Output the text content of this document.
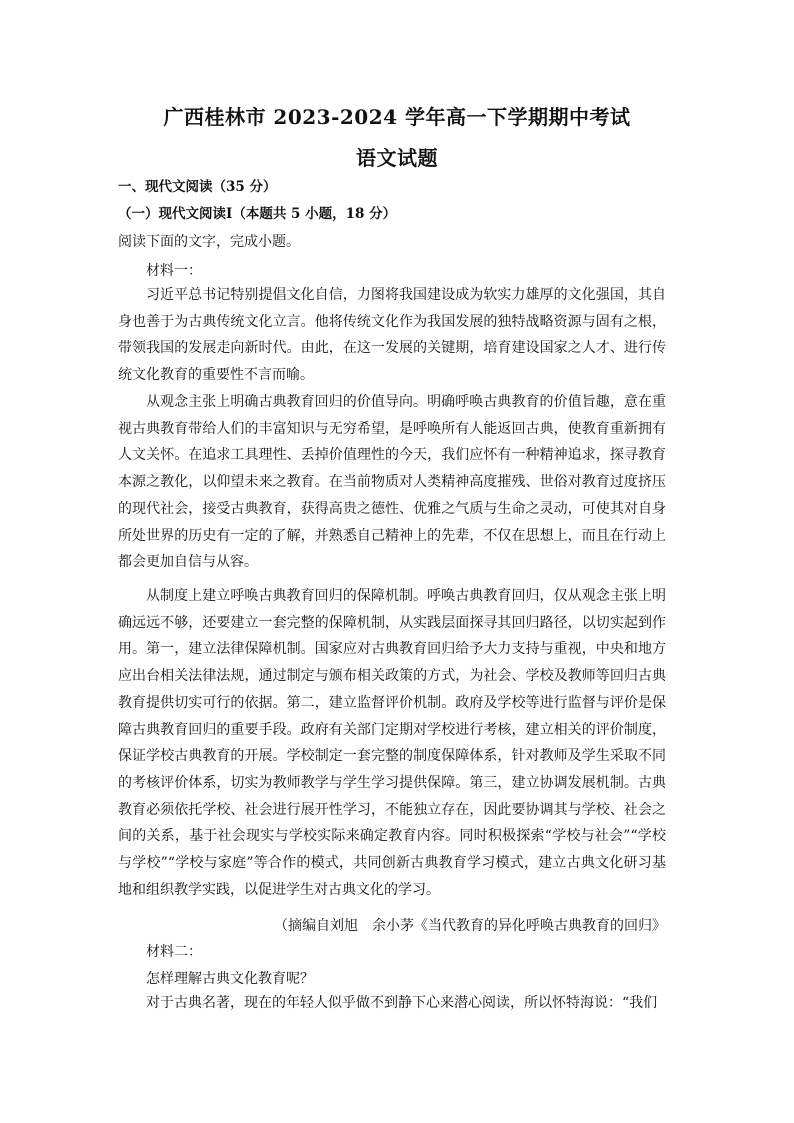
广西桂林市 2023-2024 学年高一下学期期中考试
语文试题
一、现代文阅读（35 分）
（一）现代文阅读Ⅰ（本题共 5 小题，18 分）
阅读下面的文字，完成小题。
材料一：

习近平总书记特别提倡文化自信，力图将我国建设成为软实力雄厚的文化强国，其自身也善于为古典传统文化立言。他将传统文化作为我国发展的独特战略资源与固有之根，带领我国的发展走向新时代。由此，在这一发展的关键期，培育建设国家之人才、进行传统文化教育的重要性不言而喻。

从观念主张上明确古典教育回归的价值导向。明确呼唤古典教育的价值旨趣，意在重视古典教育带给人们的丰富知识与无穷希望，是呼唤所有人能返回古典，使教育重新拥有人文关怀。在追求工具理性、丢掉价值理性的今天，我们应怀有一种精神追求，探寻教育本源之教化，以仰望未来之教育。在当前物质对人类精神高度摧残、世俗对教育过度挤压的现代社会，接受古典教育，获得高贵之德性、优雅之气质与生命之灵动，可使其对自身所处世界的历史有一定的了解，并熟悉自己精神上的先辈，不仅在思想上，而且在行动上都会更加自信与从容。

从制度上建立呼唤古典教育回归的保障机制。呼唤古典教育回归，仅从观念主张上明确远远不够，还要建立一套完整的保障机制，从实践层面探寻其回归路径，以切实起到作用。第一，建立法律保障机制。国家应对古典教育回归给予大力支持与重视，中央和地方应出台相关法律法规，通过制定与颁布相关政策的方式，为社会、学校及教师等回归古典教育提供切实可行的依据。第二，建立监督评价机制。政府及学校等进行监督与评价是保障古典教育回归的重要手段。政府有关部门定期对学校进行考核，建立相关的评价制度，保证学校古典教育的开展。学校制定一套完整的制度保障体系，针对教师及学生采取不同的考核评价体系，切实为教师教学与学生学习提供保障。第三，建立协调发展机制。古典教育必须依托学校、社会进行展开性学习，不能独立存在，因此要协调其与学校、社会之间的关系，基于社会现实与学校实际来确定教育内容。同时积极探索“学校与社会”“学校与学校”“学校与家庭”等合作的模式，共同创新古典教育学习模式，建立古典文化研习基地和组织教学实践，以促进学生对古典文化的学习。

（摘编自刘旭　余小茅《当代教育的异化呼唤古典教育的回归》
材料二：
怎样理解古典文化教育呢？

对于古典名著，现在的年轻人似乎做不到静下心来潜心阅读，所以怀特海说：“我们
